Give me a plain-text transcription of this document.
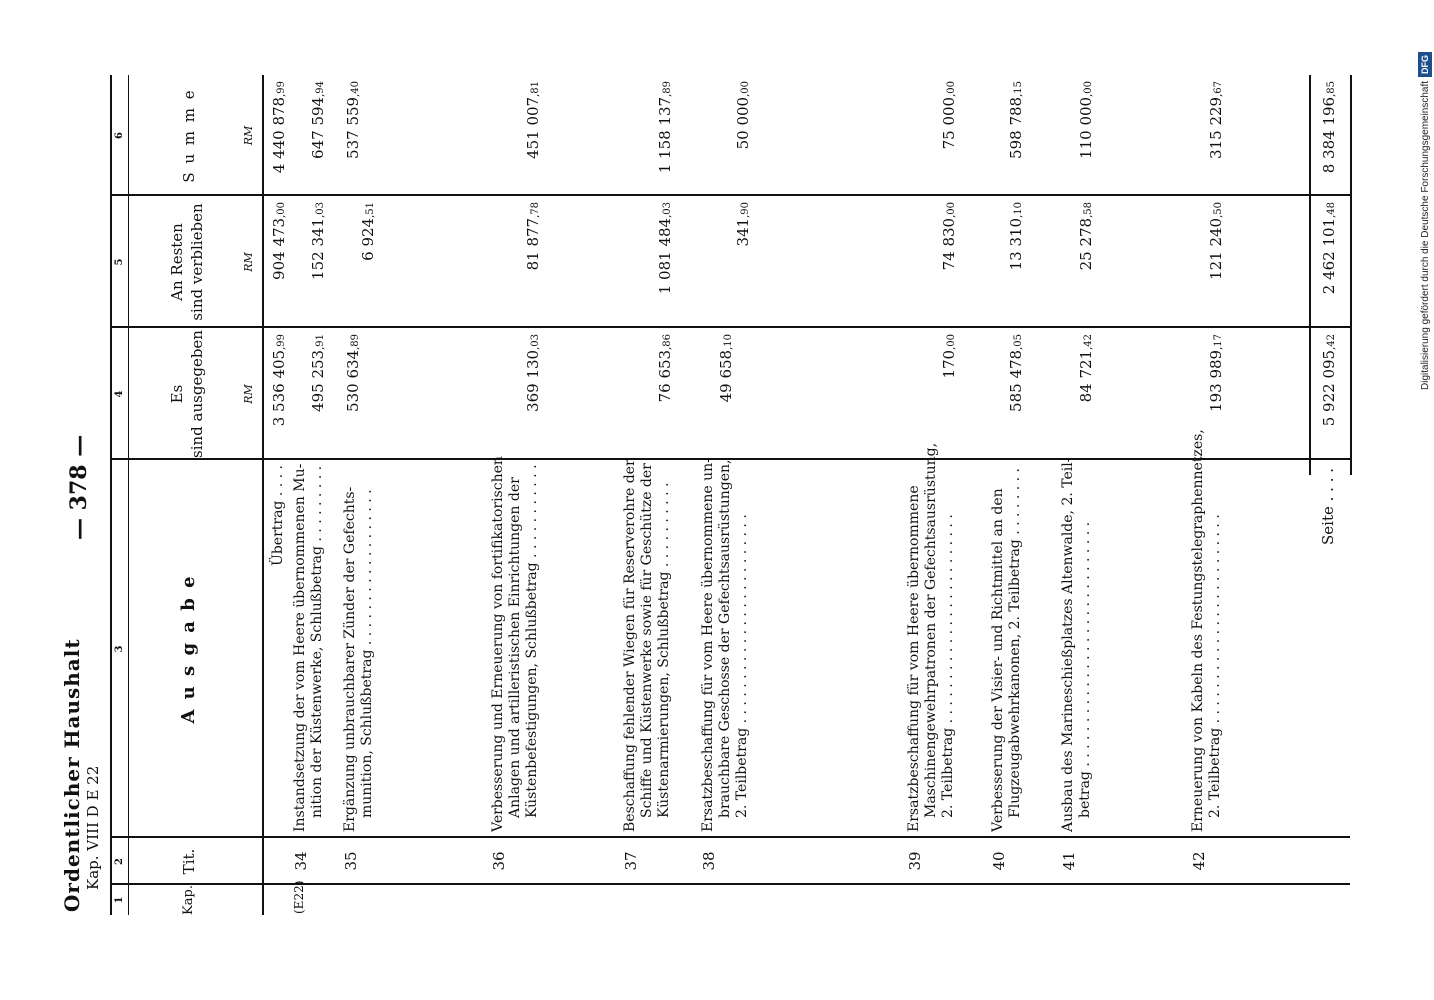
Ordentlicher Haushalt Kap. VIII D E 22
— 378 —
1
2
3
4
5
6
Kap.
Tit.
A u s g a b e
Es sind ausgegeben
An Resten sind verblieben
S u m m e
RM
RM
RM
Übertrag . . . .
3 536 405,99
904 473,00
4 440 878,99
(E22)
34
Instandsetzung der vom Heere übernommenen Mu- nition der Küstenwerke, Schlußbetrag . . . . . . . . .
495 253,91
152 341,03
647 594,94
35
Ergänzung unbrauchbarer Zünder der Gefechts- munition, Schlußbetrag . . . . . . . . . . . . . . . . . .
530 634,89
6 924,51
537 559,40
36
Verbesserung und Erneuerung von fortifikatorischen Anlagen und artilleristischen Einrichtungen der Küstenbefestigungen, Schlußbetrag . . . . . . . . . . .
369 130,03
81 877,78
451 007,81
37
Beschaffung fehlender Wiegen für Reserverohre der Schiffe und Küstenwerke sowie für Geschütze der Küstenarmierungen, Schlußbetrag . . . . . . . . . .
76 653,86
1 081 484,03
1 158 137,89
38
Ersatzbeschaffung für vom Heere übernommene un- brauchbare Geschosse der Gefechtsausrüstungen, 2. Teilbetrag . . . . . . . . . . . . . . . . . . . . . . . .
49 658,10
341,90
50 000,00
39
Ersatzbeschaffung für vom Heere übernommene Maschinengewehrpatronen der Gefechtsausrüstung, 2. Teilbetrag . . . . . . . . . . . . . . . . . . . . . . . .
170,00
74 830,00
75 000,00
40
Verbesserung der Visier- und Richtmittel an den Flugzeugabwehrkanonen, 2. Teilbetrag . . . . . . . .
585 478,05
13 310,10
598 788,15
41
Ausbau des Marineschießplatzes Altenwalde, 2. Teil- betrag . . . . . . . . . . . . . . . . . . . . . . . . . . . .
84 721,42
25 278,58
110 000,00
42
Erneuerung von Kabeln des Festungstelegraphennetzes, 2. Teilbetrag . . . . . . . . . . . . . . . . . . . . . . . .
193 989,17
121 240,50
315 229,67
Seite . . . .
5 922 095,42
2 462 101,48
8 384 196,85	Digitalisierung gefördert durch die Deutsche ForschungsgemeinschaftDFG
